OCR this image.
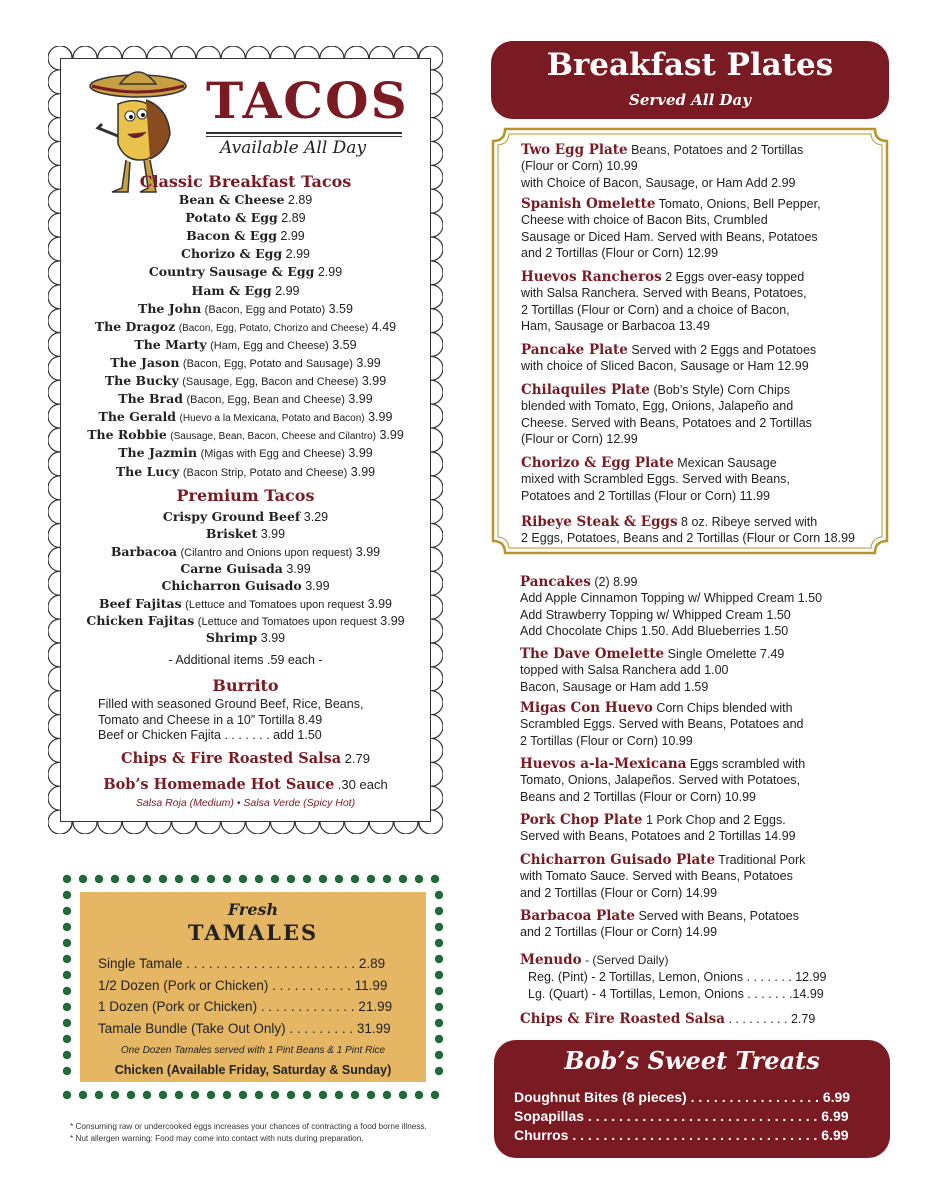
TACOS
Available All Day
Classic Breakfast Tacos
Bean & Cheese 2.89
Potato & Egg 2.89
Bacon & Egg 2.99
Chorizo & Egg 2.99
Country Sausage & Egg 2.99
Ham & Egg 2.99
The John (Bacon, Egg and Potato) 3.59
The Dragoz (Bacon, Egg, Potato, Chorizo and Cheese) 4.49
The Marty (Ham, Egg and Cheese) 3.59
The Jason (Bacon, Egg, Potato and Sausage) 3.99
The Bucky (Sausage, Egg, Bacon and Cheese) 3.99
The Brad (Bacon, Egg, Bean and Cheese) 3.99
The Gerald (Huevo a la Mexicana, Potato and Bacon) 3.99
The Robbie (Sausage, Bean, Bacon, Cheese and Cilantro) 3.99
The Jazmin (Migas with Egg and Cheese) 3.99
The Lucy (Bacon Strip, Potato and Cheese) 3.99
Premium Tacos
Crispy Ground Beef 3.29
Brisket 3.99
Barbacoa (Cilantro and Onions upon request) 3.99
Carne Guisada 3.99
Chicharron Guisado 3.99
Beef Fajitas (Lettuce and Tomatoes upon request 3.99
Chicken Fajitas (Lettuce and Tomatoes upon request 3.99
Shrimp 3.99
- Additional items .59 each -
Burrito
Filled with seasoned Ground Beef, Rice, Beans,
Tomato and Cheese in a 10” Tortilla 8.49
Beef or Chicken Fajita . . . . . . . add 1.50
Chips & Fire Roasted Salsa 2.79
Bob’s Homemade Hot Sauce .30 each
Salsa Roja (Medium) • Salsa Verde (Spicy Hot)
Fresh
TAMALES
Single Tamale . . . . . . . . . . . . . . . . . . . . . . . 2.89
1/2 Dozen (Pork or Chicken) . . . . . . . . . . . 11.99
1 Dozen (Pork or Chicken) . . . . . . . . . . . . . 21.99
Tamale Bundle (Take Out Only) . . . . . . . . . 31.99
One Dozen Tamales served with 1 Pint Beans & 1 Pint Rice
Chicken (Available Friday, Saturday & Sunday)
* Consuming raw or undercooked eggs increases your chances of contracting a food borne illness.
* Nut allergen warning: Food may come into contact with nuts during preparation.
Breakfast Plates
Served All Day
Two Egg Plate Beans, Potatoes and 2 Tortillas
(Flour or Corn) 10.99
with Choice of Bacon, Sausage, or Ham Add 2.99
Spanish Omelette Tomato, Onions, Bell Pepper,
Cheese with choice of Bacon Bits, Crumbled
Sausage or Diced Ham. Served with Beans, Potatoes
and 2 Tortillas (Flour or Corn) 12.99
Huevos Rancheros 2 Eggs over-easy topped
with Salsa Ranchera. Served with Beans, Potatoes,
2 Tortillas (Flour or Corn) and a choice of Bacon,
Ham, Sausage or Barbacoa 13.49
Pancake Plate Served with 2 Eggs and Potatoes
with choice of Sliced Bacon, Sausage or Ham 12.99
Chilaquiles Plate (Bob’s Style) Corn Chips
blended with Tomato, Egg, Onions, Jalapeño and
Cheese. Served with Beans, Potatoes and 2 Tortillas
(Flour or Corn) 12.99
Chorizo & Egg Plate Mexican Sausage
mixed with Scrambled Eggs. Served with Beans,
Potatoes and 2 Tortillas (Flour or Corn) 11.99
Ribeye Steak & Eggs 8 oz. Ribeye served with
2 Eggs, Potatoes, Beans and 2 Tortillas (Flour or Corn 18.99
Pancakes (2) 8.99
Add Apple Cinnamon Topping w/ Whipped Cream 1.50
Add Strawberry Topping w/ Whipped Cream 1.50
Add Chocolate Chips 1.50. Add Blueberries 1.50
The Dave Omelette Single Omelette 7.49
topped with Salsa Ranchera add 1.00
Bacon, Sausage or Ham add 1.59
Migas Con Huevo Corn Chips blended with
Scrambled Eggs. Served with Beans, Potatoes and
2 Tortillas (Flour or Corn) 10.99
Huevos a-la-Mexicana Eggs scrambled with
Tomato, Onions, Jalapeños. Served with Potatoes,
Beans and 2 Tortillas (Flour or Corn) 10.99
Pork Chop Plate 1 Pork Chop and 2 Eggs.
Served with Beans, Potatoes and 2 Tortillas 14.99
Chicharron Guisado Plate Traditional Pork
with Tomato Sauce. Served with Beans, Potatoes
and 2 Tortillas (Flour or Corn) 14.99
Barbacoa Plate Served with Beans, Potatoes
and 2 Tortillas (Flour or Corn) 14.99
Menudo - (Served Daily)
Reg. (Pint) - 2 Tortillas, Lemon, Onions . . . . . . . 12.99
Lg. (Quart) - 4 Tortillas, Lemon, Onions . . . . . . .14.99
Chips & Fire Roasted Salsa . . . . . . . . . 2.79
Bob’s Sweet Treats
Doughnut Bites (8 pieces) . . . . . . . . . . . . . . . . . 6.99
Sopapillas . . . . . . . . . . . . . . . . . . . . . . . . . . . . . . 6.99
Churros . . . . . . . . . . . . . . . . . . . . . . . . . . . . . . . . 6.99
